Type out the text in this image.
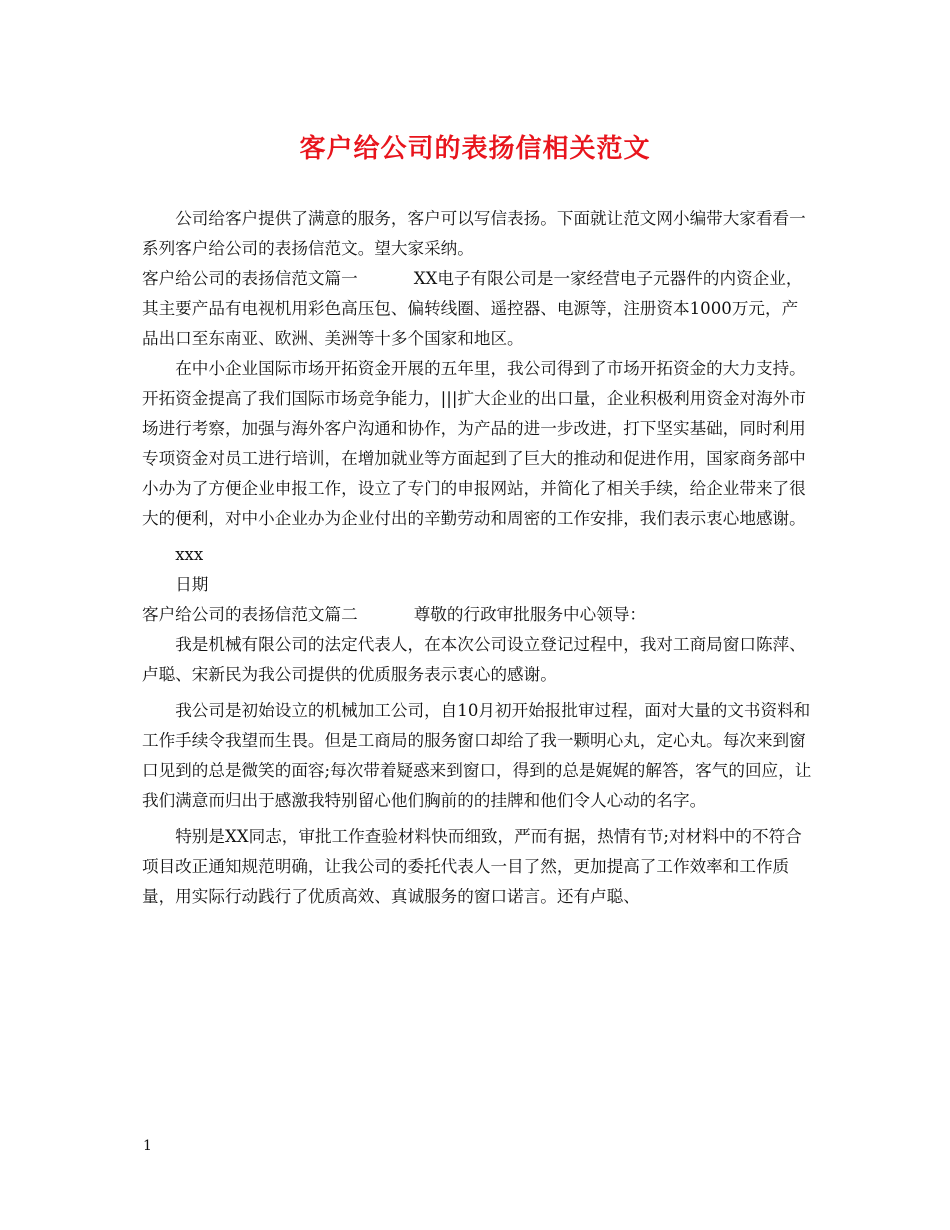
客户给公司的表扬信相关范文

公司给客户提供了满意的服务，客户可以写信表扬。下面就让范文网小编带大家看看一系列客户给公司的表扬信范文。望大家采纳。

客户给公司的表扬信范文篇一	XX电子有限公司是一家经营电子元器件的内资企业，其主要产品有电视机用彩色高压包、偏转线圈、遥控器、电源等，注册资本1000万元，产品出口至东南亚、欧洲、美洲等十多个国家和地区。

在中小企业国际市场开拓资金开展的五年里，我公司得到了市场开拓资金的大力支持。开拓资金提高了我们国际市场竞争能力，|||扩大企业的出口量，企业积极利用资金对海外市场进行考察，加强与海外客户沟通和协作，为产品的进一步改进，打下坚实基础，同时利用专项资金对员工进行培训，在增加就业等方面起到了巨大的推动和促进作用，国家商务部中小办为了方便企业申报工作，设立了专门的申报网站，并简化了相关手续，给企业带来了很大的便利，对中小企业办为企业付出的辛勤劳动和周密的工作安排，我们表示衷心地感谢。

xxx

日期

客户给公司的表扬信范文篇二	尊敬的行政审批服务中心领导：

我是机械有限公司的法定代表人，在本次公司设立登记过程中，我对工商局窗口陈萍、卢聪、宋新民为我公司提供的优质服务表示衷心的感谢。

我公司是初始设立的机械加工公司，自10月初开始报批审过程，面对大量的文书资料和工作手续令我望而生畏。但是工商局的服务窗口却给了我一颗明心丸，定心丸。每次来到窗口见到的总是微笑的面容;每次带着疑惑来到窗口，得到的总是娓娓的解答，客气的回应，让我们满意而归出于感激我特别留心他们胸前的的挂牌和他们令人心动的名字。

特别是XX同志，审批工作查验材料快而细致，严而有据，热情有节;对材料中的不符合项目改正通知规范明确，让我公司的委托代表人一目了然，更加提高了工作效率和工作质量，用实际行动践行了优质高效、真诚服务的窗口诺言。还有卢聪、

1
